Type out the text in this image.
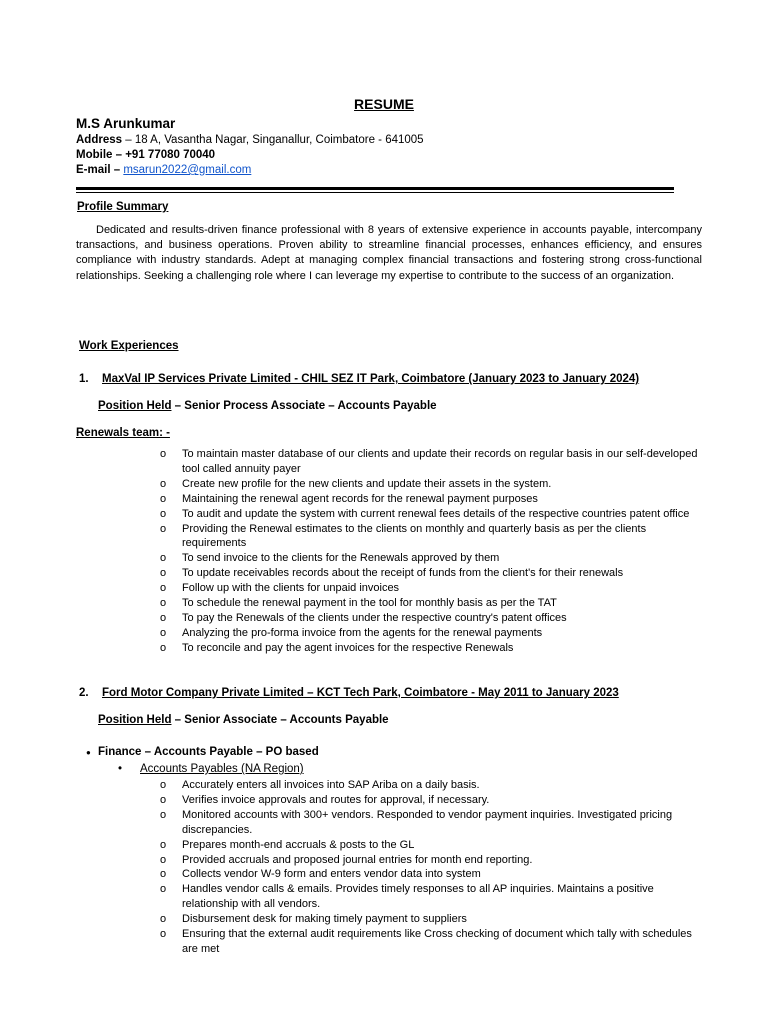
RESUME
M.S Arunkumar
Address – 18 A, Vasantha Nagar, Singanallur, Coimbatore - 641005
Mobile – +91 77080 70040
E-mail – msarun2022@gmail.com
Profile Summary
Dedicated and results-driven finance professional with 8 years of extensive experience in accounts payable, intercompany transactions, and business operations. Proven ability to streamline financial processes, enhances efficiency, and ensures compliance with industry standards. Adept at managing complex financial transactions and fostering strong cross-functional relationships. Seeking a challenging role where I can leverage my expertise to contribute to the success of an organization.
Work Experiences
1. MaxVal IP Services Private Limited - CHIL SEZ IT Park, Coimbatore (January 2023 to January 2024)
Position Held – Senior Process Associate – Accounts Payable
Renewals team: -
o To maintain master database of our clients and update their records on regular basis in our self-developed tool called annuity payer
o Create new profile for the new clients and update their assets in the system.
o Maintaining the renewal agent records for the renewal payment purposes
o To audit and update the system with current renewal fees details of the respective countries patent office
o Providing the Renewal estimates to the clients on monthly and quarterly basis as per the clients requirements
o To send invoice to the clients for the Renewals approved by them
o To update receivables records about the receipt of funds from the client's for their renewals
o Follow up with the clients for unpaid invoices
o To schedule the renewal payment in the tool for monthly basis as per the TAT
o To pay the Renewals of the clients under the respective country's patent offices
o Analyzing the pro-forma invoice from the agents for the renewal payments
o To reconcile and pay the agent invoices for the respective Renewals
2. Ford Motor Company Private Limited – KCT Tech Park, Coimbatore - May 2011 to January 2023
Position Held – Senior Associate – Accounts Payable
● Finance – Accounts Payable – PO based
• Accounts Payables (NA Region)
o Accurately enters all invoices into SAP Ariba on a daily basis.
o Verifies invoice approvals and routes for approval, if necessary.
o Monitored accounts with 300+ vendors. Responded to vendor payment inquiries. Investigated pricing discrepancies.
o Prepares month-end accruals & posts to the GL
o Provided accruals and proposed journal entries for month end reporting.
o Collects vendor W-9 form and enters vendor data into system
o Handles vendor calls & emails. Provides timely responses to all AP inquiries. Maintains a positive relationship with all vendors.
o Disbursement desk for making timely payment to suppliers
o Ensuring that the external audit requirements like Cross checking of document which tally with schedules are met
